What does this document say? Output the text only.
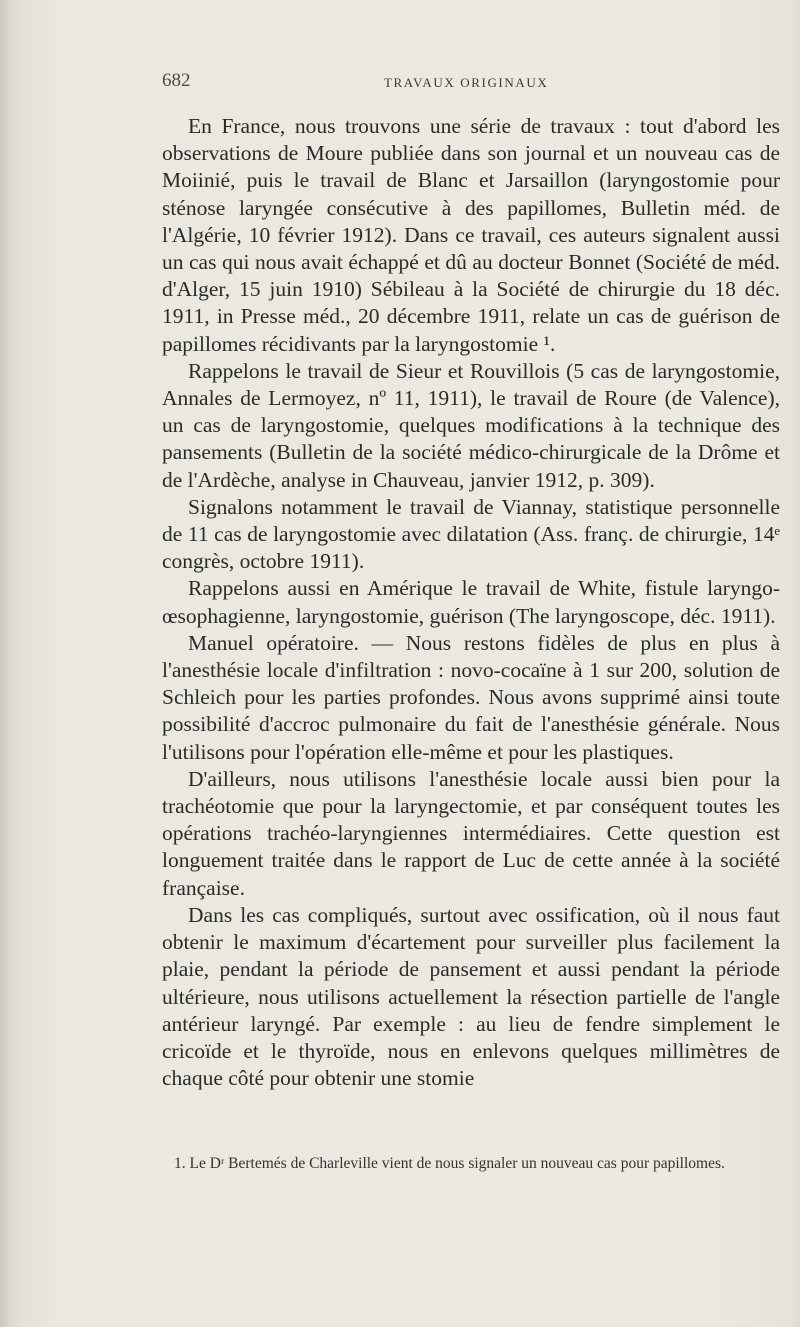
682	TRAVAUX ORIGINAUX

En France, nous trouvons une série de travaux : tout d'abord les observations de Moure publiée dans son journal et un nouveau cas de Moiinié, puis le travail de Blanc et Jarsaillon (laryngostomie pour sténose laryngée consécutive à des papillomes, Bulletin méd. de l'Algérie, 10 février 1912). Dans ce travail, ces auteurs signalent aussi un cas qui nous avait échappé et dû au docteur Bonnet (Société de méd. d'Alger, 15 juin 1910) Sébileau à la Société de chirurgie du 18 déc. 1911, in Presse méd., 20 décembre 1911, relate un cas de guérison de papillomes récidivants par la laryngostomie ¹.

Rappelons le travail de Sieur et Rouvillois (5 cas de laryngostomie, Annales de Lermoyez, nº 11, 1911), le travail de Roure (de Valence), un cas de laryngostomie, quelques modifications à la technique des pansements (Bulletin de la société médico-chirurgicale de la Drôme et de l'Ardèche, analyse in Chauveau, janvier 1912, p. 309).

Signalons notamment le travail de Viannay, statistique personnelle de 11 cas de laryngostomie avec dilatation (Ass. franç. de chirurgie, 14ᵉ congrès, octobre 1911).

Rappelons aussi en Amérique le travail de White, fistule laryngo-œsophagienne, laryngostomie, guérison (The laryngoscope, déc. 1911).

Manuel opératoire. — Nous restons fidèles de plus en plus à l'anesthésie locale d'infiltration : novo-cocaïne à 1 sur 200, solution de Schleich pour les parties profondes. Nous avons supprimé ainsi toute possibilité d'accroc pulmonaire du fait de l'anesthésie générale. Nous l'utilisons pour l'opération elle-même et pour les plastiques.

D'ailleurs, nous utilisons l'anesthésie locale aussi bien pour la trachéotomie que pour la laryngectomie, et par conséquent toutes les opérations trachéo-laryngiennes intermédiaires. Cette question est longuement traitée dans le rapport de Luc de cette année à la société française.

Dans les cas compliqués, surtout avec ossification, où il nous faut obtenir le maximum d'écartement pour surveiller plus facilement la plaie, pendant la période de pansement et aussi pendant la période ultérieure, nous utilisons actuellement la résection partielle de l'angle antérieur laryngé. Par exemple : au lieu de fendre simplement le cricoïde et le thyroïde, nous en enlevons quelques millimètres de chaque côté pour obtenir une stomie

1. Le Dʳ Bertemés de Charleville vient de nous signaler un nouveau cas pour papillomes.
